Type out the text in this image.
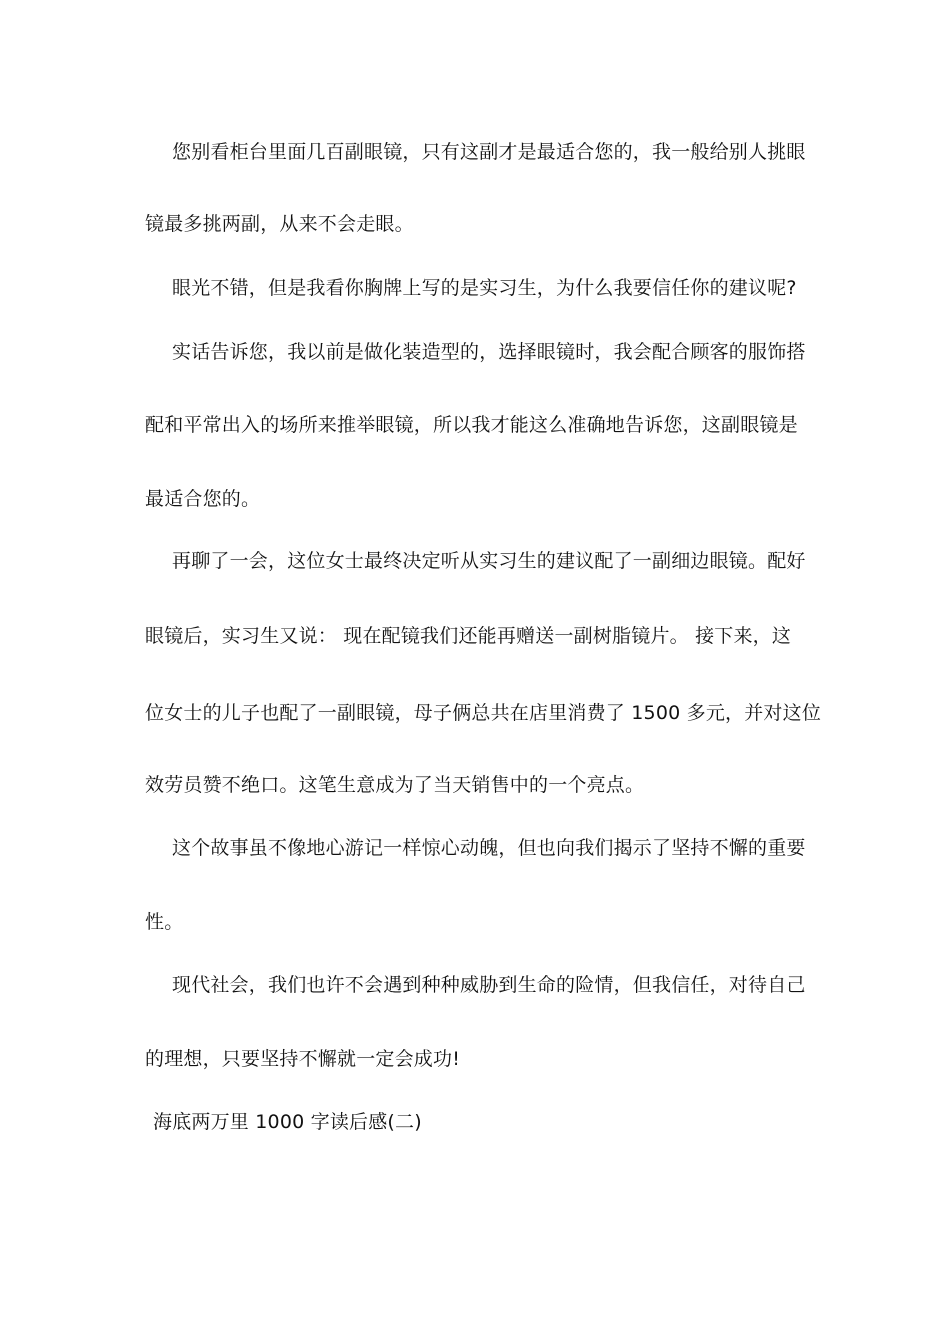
您别看柜台里面几百副眼镜，只有这副才是最适合您的，我一般给别人挑眼

镜最多挑两副，从来不会走眼。

眼光不错，但是我看你胸牌上写的是实习生，为什么我要信任你的建议呢?

实话告诉您，我以前是做化装造型的，选择眼镜时，我会配合顾客的服饰搭

配和平常出入的场所来推举眼镜，所以我才能这么准确地告诉您，这副眼镜是

最适合您的。

再聊了一会，这位女士最终决定听从实习生的建议配了一副细边眼镜。配好

眼镜后，实习生又说： 现在配镜我们还能再赠送一副树脂镜片。 接下来，这

位女士的儿子也配了一副眼镜，母子俩总共在店里消费了 1500 多元，并对这位

效劳员赞不绝口。这笔生意成为了当天销售中的一个亮点。

这个故事虽不像地心游记一样惊心动魄，但也向我们揭示了坚持不懈的重要

性。

现代社会，我们也许不会遇到种种威胁到生命的险情，但我信任，对待自己

的理想，只要坚持不懈就一定会成功!

海底两万里 1000 字读后感(二)
